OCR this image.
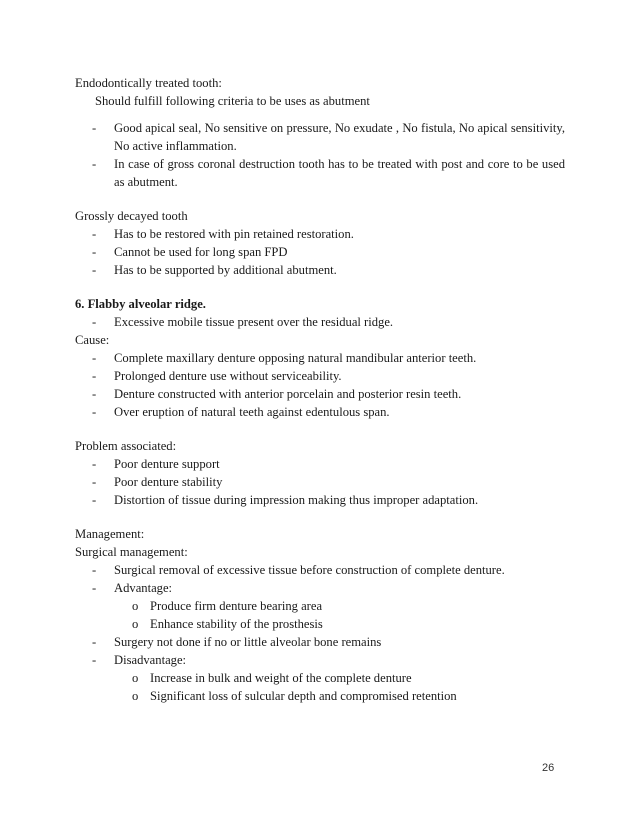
Endodontically treated tooth:
Should fulfill following criteria to be uses as abutment
- Good apical seal, No sensitive on pressure, No exudate , No fistula, No apical sensitivity, No active inflammation.
- In case of gross coronal destruction tooth has to be treated with post and core to be used as abutment.
Grossly decayed tooth
- Has to be restored with pin retained restoration.
- Cannot be used for long span FPD
- Has to be supported by additional abutment.
6. Flabby alveolar ridge.
- Excessive mobile tissue present over the residual ridge.
Cause:
- Complete maxillary denture opposing natural mandibular anterior teeth.
- Prolonged denture use without serviceability.
- Denture constructed with anterior porcelain and posterior resin teeth.
- Over eruption of natural teeth against edentulous span.
Problem associated:
- Poor denture support
- Poor denture stability
- Distortion of tissue during impression making thus improper adaptation.
Management:
Surgical management:
- Surgical removal of excessive tissue before construction of complete denture.
- Advantage:
o Produce firm denture bearing area
o Enhance stability of the prosthesis
- Surgery not done if no or little alveolar bone remains
- Disadvantage:
o Increase in bulk and weight of the complete denture
o Significant loss of sulcular depth and compromised retention
26
